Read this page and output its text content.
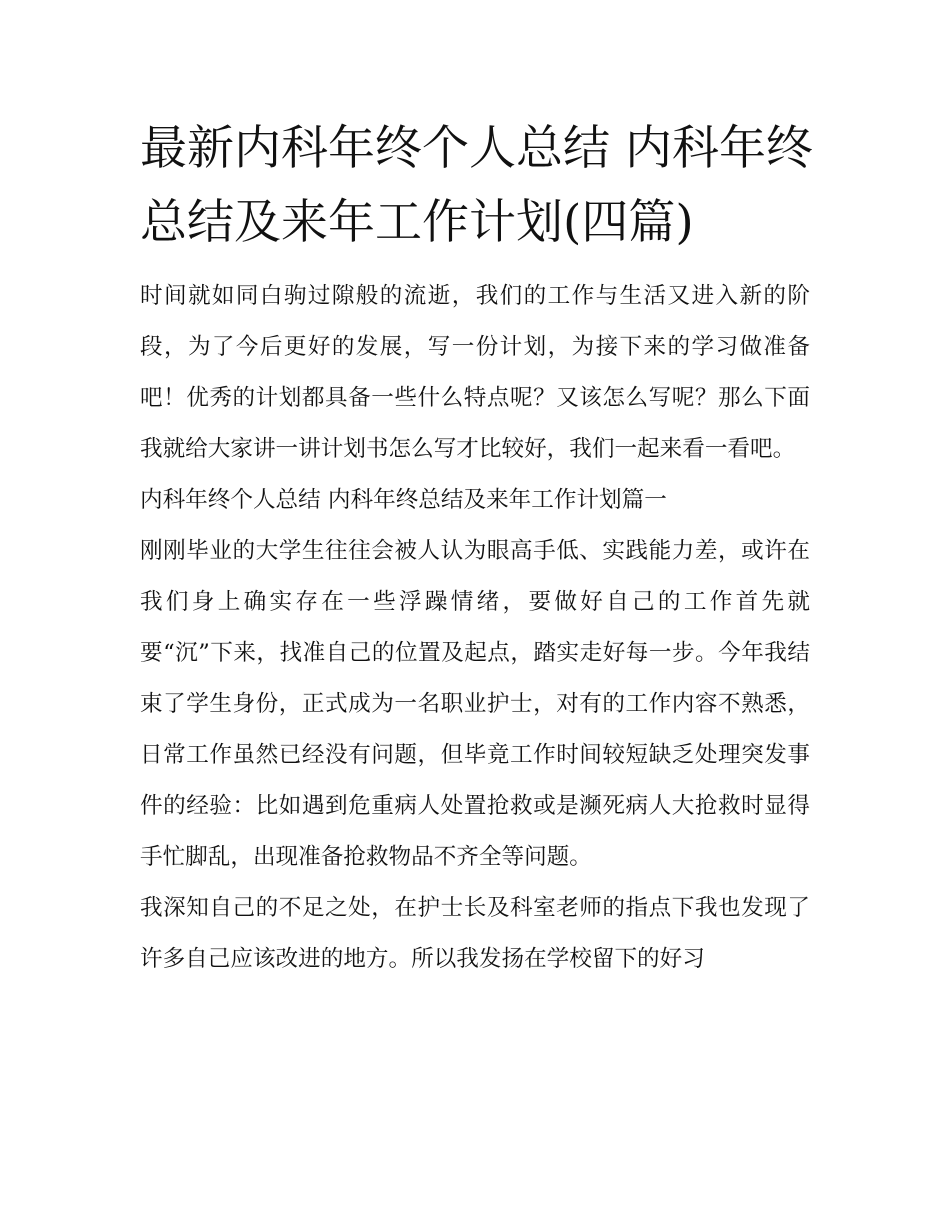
最新内科年终个人总结 内科年终总结及来年工作计划(四篇)

时间就如同白驹过隙般的流逝，我们的工作与生活又进入新的阶段，为了今后更好的发展，写一份计划，为接下来的学习做准备吧！优秀的计划都具备一些什么特点呢？又该怎么写呢？那么下面我就给大家讲一讲计划书怎么写才比较好，我们一起来看一看吧。

内科年终个人总结 内科年终总结及来年工作计划篇一

刚刚毕业的大学生往往会被人认为眼高手低、实践能力差，或许在我们身上确实存在一些浮躁情绪，要做好自己的工作首先就要“沉”下来，找准自己的位置及起点，踏实走好每一步。今年我结束了学生身份，正式成为一名职业护士，对有的工作内容不熟悉，日常工作虽然已经没有问题，但毕竟工作时间较短缺乏处理突发事件的经验：比如遇到危重病人处置抢救或是濒死病人大抢救时显得手忙脚乱，出现准备抢救物品不齐全等问题。

我深知自己的不足之处，在护士长及科室老师的指点下我也发现了许多自己应该改进的地方。所以我发扬在学校留下的好习
